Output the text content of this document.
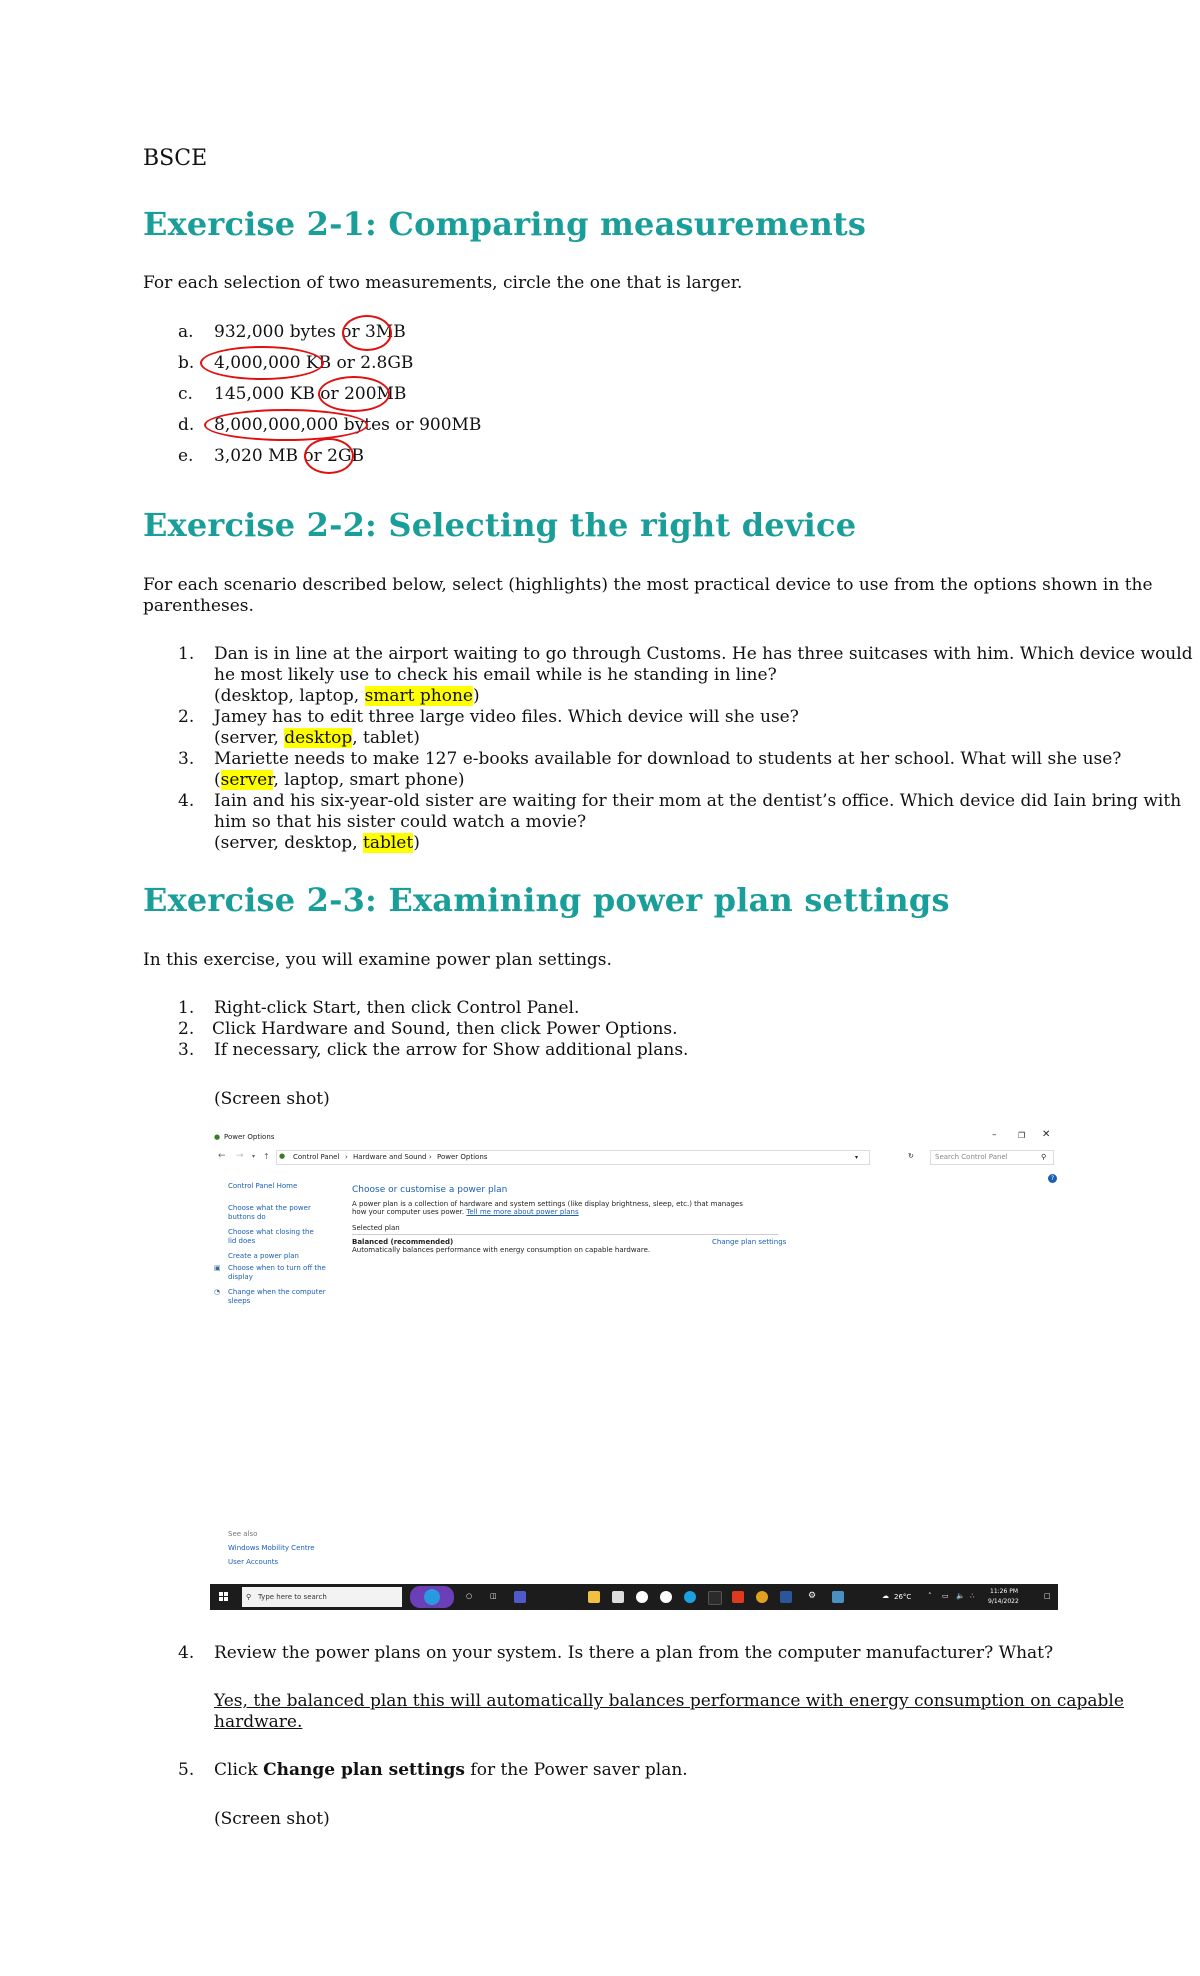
BSCE
Exercise 2-1: Comparing measurements
For each selection of two measurements, circle the one that is larger.
a. 932,000 bytes or 3MB
b. 4,000,000 KB or 2.8GB
c. 145,000 KB or 200MB
d. 8,000,000,000 bytes or 900MB
e. 3,020 MB or 2GB
Exercise 2-2: Selecting the right device
For each scenario described below, select (highlights) the most practical device to use from the options shown in the
parentheses.
1. Dan is in line at the airport waiting to go through Customs. He has three suitcases with him. Which device would
he most likely use to check his email while is he standing in line?
(desktop, laptop, smart phone)
2. Jamey has to edit three large video files. Which device will she use?
(server, desktop, tablet)
3. Mariette needs to make 127 e-books available for download to students at her school. What will she use?
(server, laptop, smart phone)
4. Iain and his six-year-old sister are waiting for their mom at the dentist’s office. Which device did Iain bring with
him so that his sister could watch a movie?
(server, desktop, tablet)
Exercise 2-3: Examining power plan settings
In this exercise, you will examine power plan settings.
1. Right-click Start, then click Control Panel.
2. Click Hardware and Sound, then click Power Options.
3. If necessary, click the arrow for Show additional plans.
(Screen shot)
● Power Options	–	❐ ✕
← → ▾ ↑ ● Control Panel › Hardware and Sound › Power Options	▾	↻	Search Control Panel	⚲
?
Control Panel Home
Choose what the power buttons do
Choose what closing the lid does
Create a power plan
▣ Choose when to turn off the display
◔ Change when the computer sleeps
Choose or customise a power plan
A power plan is a collection of hardware and system settings (like display brightness, sleep, etc.) that manages
how your computer uses power. Tell me more about power plans
Selected plan
Balanced (recommended)	Change plan settings
Automatically balances performance with energy consumption on capable hardware.
See also
Windows Mobility Centre
User Accounts
⚲ Type here to search	○	◫	⚙	☁ 26°C ˄ ▭ 🔈 ∴
11:26 PM
9/14/2022
□
4. Review the power plans on your system. Is there a plan from the computer manufacturer? What?
Yes, the balanced plan this will automatically balances performance with energy consumption on capable
hardware.
5. Click Change plan settings for the Power saver plan.
(Screen shot)
